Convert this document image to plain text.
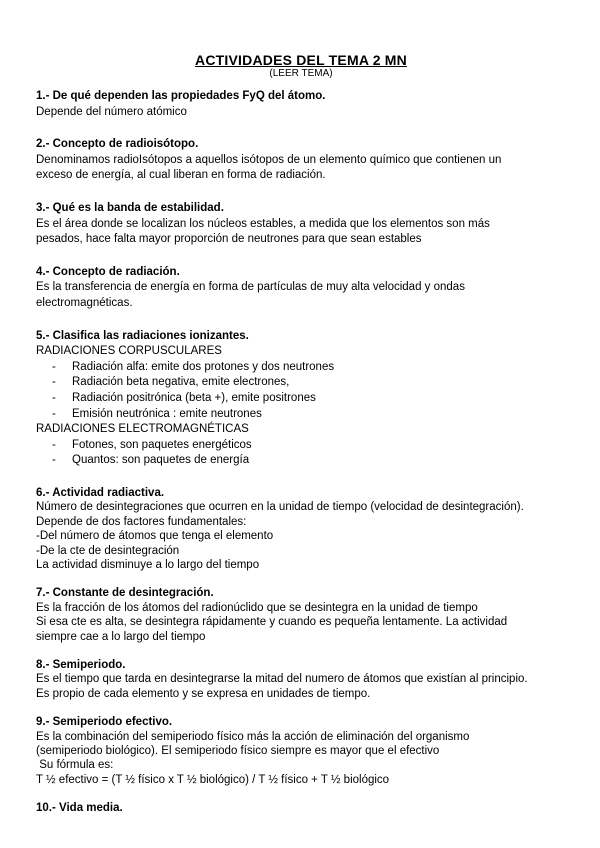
ACTIVIDADES DEL TEMA 2 MN

(LEER TEMA)

1.- De qué dependen las propiedades FyQ del átomo.

Depende del número atómico

2.- Concepto de radioisótopo.

Denominamos radioIsótopos a aquellos isótopos de un elemento químico que contienen un

exceso de energía, al cual liberan en forma de radiación.

3.- Qué es la banda de estabilidad.

Es el área donde se localizan los núcleos estables, a medida que los elementos son más

pesados, hace falta mayor proporción de neutrones para que sean estables

4.- Concepto de radiación.

Es la transferencia de energía en forma de partículas de muy alta velocidad y ondas

electromagnéticas.

5.- Clasifica las radiaciones ionizantes.

RADIACIONES CORPUSCULARES

- Radiación alfa: emite dos protones y dos neutrones
- Radiación beta negativa, emite electrones,
- Radiación positrónica (beta +), emite positrones
- Emisión neutrónica : emite neutrones

RADIACIONES ELECTROMAGNÉTICAS

- Fotones, son paquetes energéticos
- Quantos: son paquetes de energía

6.- Actividad radiactiva.

Número de desintegraciones que ocurren en la unidad de tiempo (velocidad de desintegración).

Depende de dos factores fundamentales:

-Del número de átomos que tenga el elemento

-De la cte de desintegración

La actividad disminuye a lo largo del tiempo

7.- Constante de desintegración.

Es la fracción de los átomos del radionúclido que se desintegra en la unidad de tiempo

Si esa cte es alta, se desintegra rápidamente y cuando es pequeña lentamente. La actividad

siempre cae a lo largo del tiempo

8.- Semiperiodo.

Es el tiempo que tarda en desintegrarse la mitad del numero de átomos que existían al principio.

Es propio de cada elemento y se expresa en unidades de tiempo.

9.- Semiperiodo efectivo.

Es la combinación del semiperiodo físico más la acción de eliminación del organismo

(semiperiodo biológico). El semiperiodo físico siempre es mayor que el efectivo

Su fórmula es:

T ½ efectivo = (T ½ físico x T ½ biológico) / T ½ físico + T ½ biológico

10.- Vida media.
